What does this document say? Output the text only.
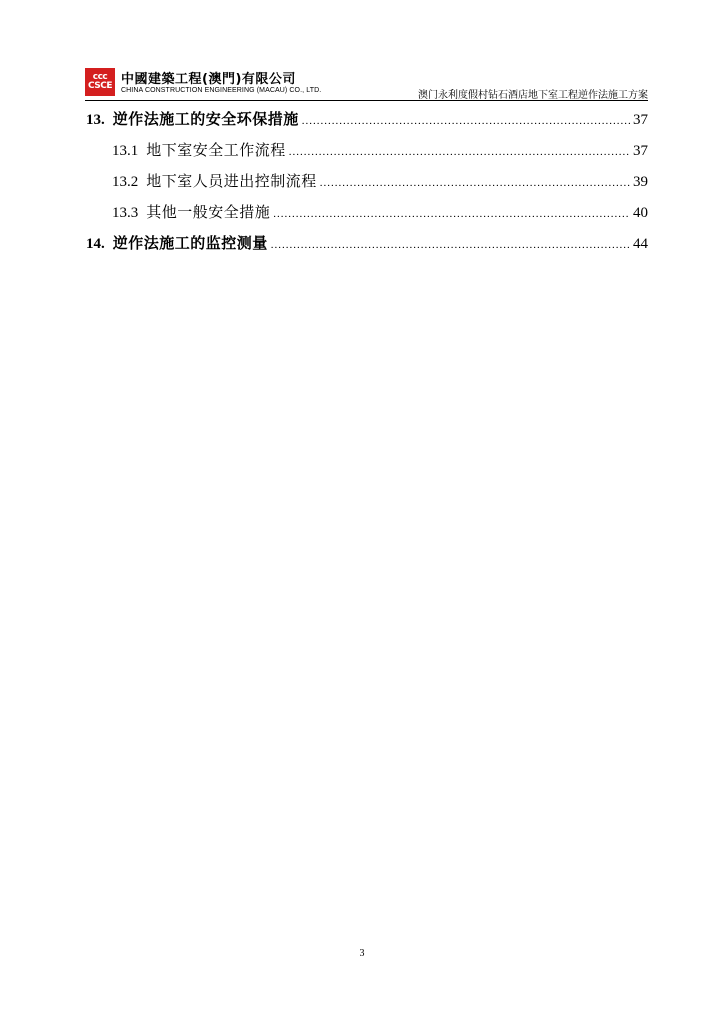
ccc
CSCE 中國建築工程(澳門)有限公司
CHINA CONSTRUCTION ENGINEERING (MACAU) CO., LTD.	澳门永利度假村钻石酒店地下室工程逆作法施工方案
13. 逆作法施工的安全环保措施 .....	37
13.1 地下室安全工作流程 .....	37
13.2 地下室人员进出控制流程 .....	39
13.3 其他一般安全措施 .....	40
14. 逆作法施工的监控测量 .....	44
3
